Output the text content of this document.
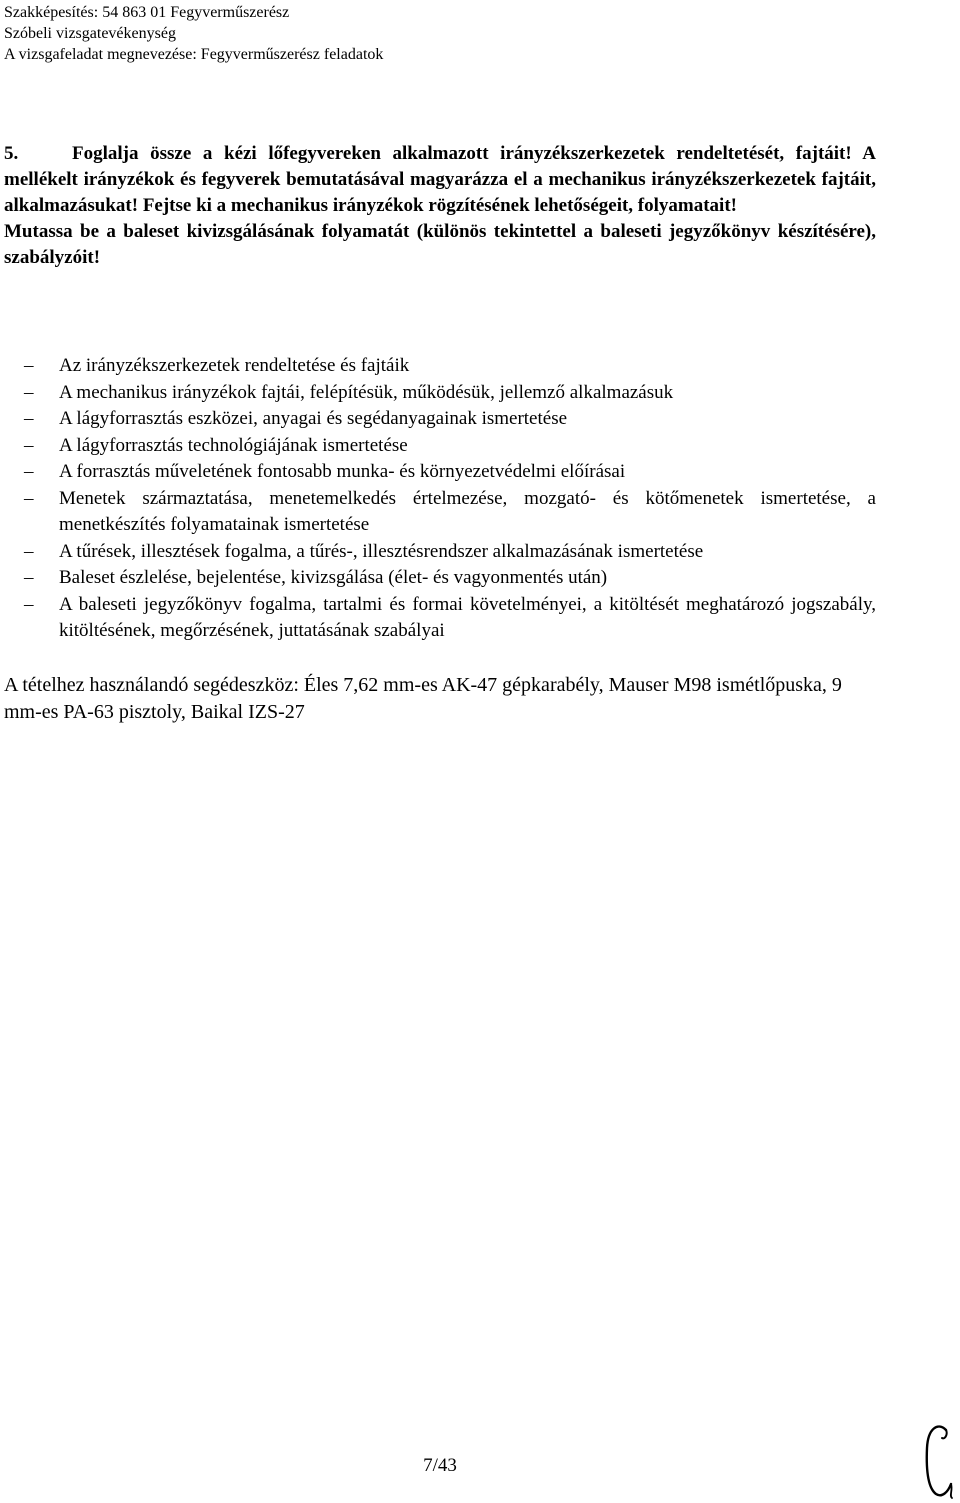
Szakképesítés: 54 863 01 Fegyverműszerész
Szóbeli vizsgatevékenység
A vizsgafeladat megnevezése: Fegyverműszerész feladatok

5.	Foglalja össze a kézi lőfegyvereken alkalmazott irányzékszerkezetek rendeltetését, fajtáit! A mellékelt irányzékok és fegyverek bemutatásával magyarázza el a mechanikus irányzékszerkezetek fajtáit, alkalmazásukat! Fejtse ki a mechanikus irányzékok rögzítésének lehetőségeit, folyamatait!

Mutassa be a baleset kivizsgálásának folyamatát (különös tekintettel a baleseti jegyzőkönyv készítésére), szabályzóit!

– Az irányzékszerkezetek rendeltetése és fajtáik
– A mechanikus irányzékok fajtái, felépítésük, működésük, jellemző alkalmazásuk
– A lágyforrasztás eszközei, anyagai és segédanyagainak ismertetése
– A lágyforrasztás technológiájának ismertetése
– A forrasztás műveletének fontosabb munka- és környezetvédelmi előírásai
– Menetek származtatása, menetemelkedés értelmezése, mozgató- és kötőmenetek ismertetése, a menetkészítés folyamatainak ismertetése
– A tűrések, illesztések fogalma, a tűrés-, illesztésrendszer alkalmazásának ismertetése
– Baleset észlelése, bejelentése, kivizsgálása (élet- és vagyonmentés után)
– A baleseti jegyzőkönyv fogalma, tartalmi és formai követelményei, a kitöltését meghatározó jogszabály, kitöltésének, megőrzésének, juttatásának szabályai
A tételhez használandó segédeszköz: Éles 7,62 mm-es AK-47 gépkarabély, Mauser M98 ismétlőpuska, 9 mm-es PA-63 pisztoly, Baikal IZS-27
7/43
